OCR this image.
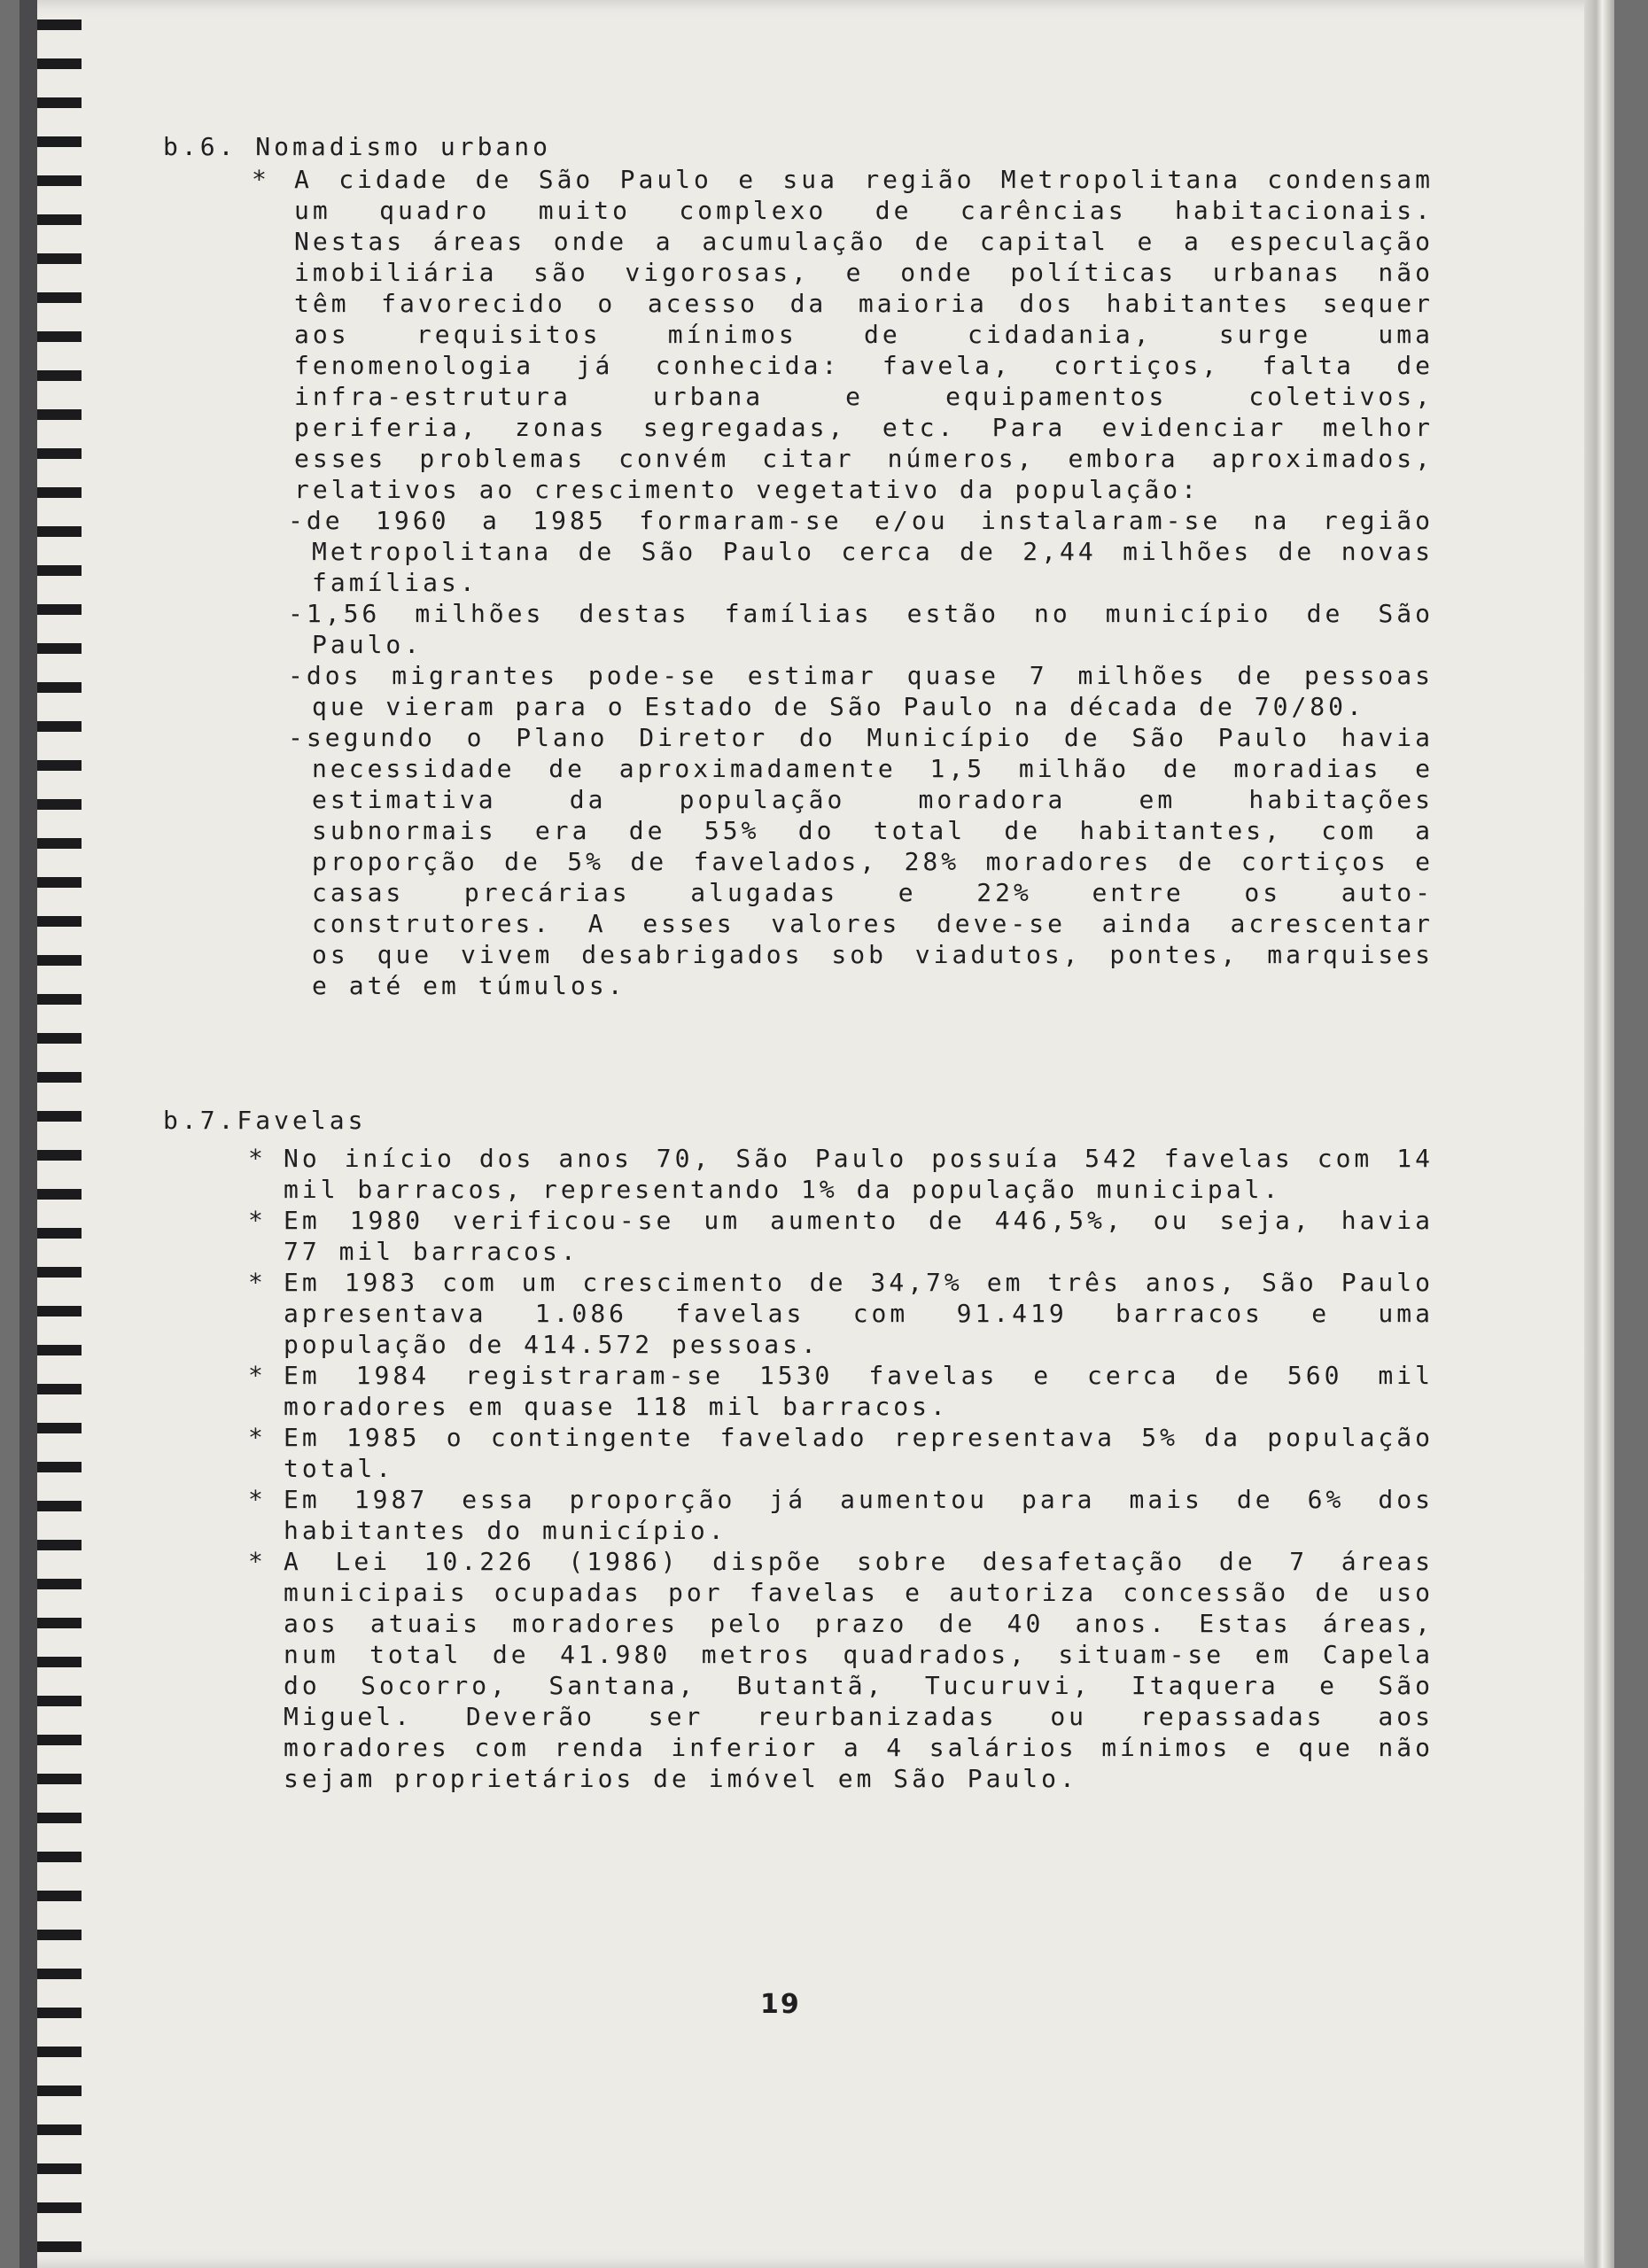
b.6. Nomadismo urbano

*

A cidade de São Paulo e sua região Metropolitana condensam
um quadro muito complexo de carências habitacionais.
Nestas áreas onde a acumulação de capital e a especulação
imobiliária são vigorosas, e onde políticas urbanas não
têm favorecido o acesso da maioria dos habitantes sequer
aos requisitos mínimos de cidadania, surge uma
fenomenologia já conhecida: favela, cortiços, falta de
infra-estrutura urbana e equipamentos coletivos,
periferia, zonas segregadas, etc. Para evidenciar melhor
esses problemas convém citar números, embora aproximados,
relativos ao crescimento vegetativo da população:

-de 1960 a 1985 formaram-se e/ou instalaram-se na região
Metropolitana de São Paulo cerca de 2,44 milhões de novas
famílias.
-1,56 milhões destas famílias estão no município de São
Paulo.
-dos migrantes pode-se estimar quase 7 milhões de pessoas
que vieram para o Estado de São Paulo na década de 70/80.
-segundo o Plano Diretor do Município de São Paulo havia
necessidade de aproximadamente 1,5 milhão de moradias e
estimativa da população moradora em habitações
subnormais era de 55% do total de habitantes, com a
proporção de 5% de favelados, 28% moradores de cortiços e
casas precárias alugadas e 22% entre os auto-
construtores. A esses valores deve-se ainda acrescentar
os que vivem desabrigados sob viadutos, pontes, marquises
e até em túmulos.

b.7.Favelas

* No início dos anos 70, São Paulo possuía 542 favelas com 14
mil barracos, representando 1% da população municipal.
* Em 1980 verificou-se um aumento de 446,5%, ou seja, havia
77 mil barracos.
* Em 1983 com um crescimento de 34,7% em três anos, São Paulo
apresentava 1.086 favelas com 91.419 barracos e uma
população de 414.572 pessoas.
* Em 1984 registraram-se 1530 favelas e cerca de 560 mil
moradores em quase 118 mil barracos.
* Em 1985 o contingente favelado representava 5% da população
total.
* Em 1987 essa proporção já aumentou para mais de 6% dos
habitantes do município.
* A Lei 10.226 (1986) dispõe sobre desafetação de 7 áreas
municipais ocupadas por favelas e autoriza concessão de uso
aos atuais moradores pelo prazo de 40 anos. Estas áreas,
num total de 41.980 metros quadrados, situam-se em Capela
do Socorro, Santana, Butantã, Tucuruvi, Itaquera e São
Miguel. Deverão ser reurbanizadas ou repassadas aos
moradores com renda inferior a 4 salários mínimos e que não
sejam proprietários de imóvel em São Paulo.

19
